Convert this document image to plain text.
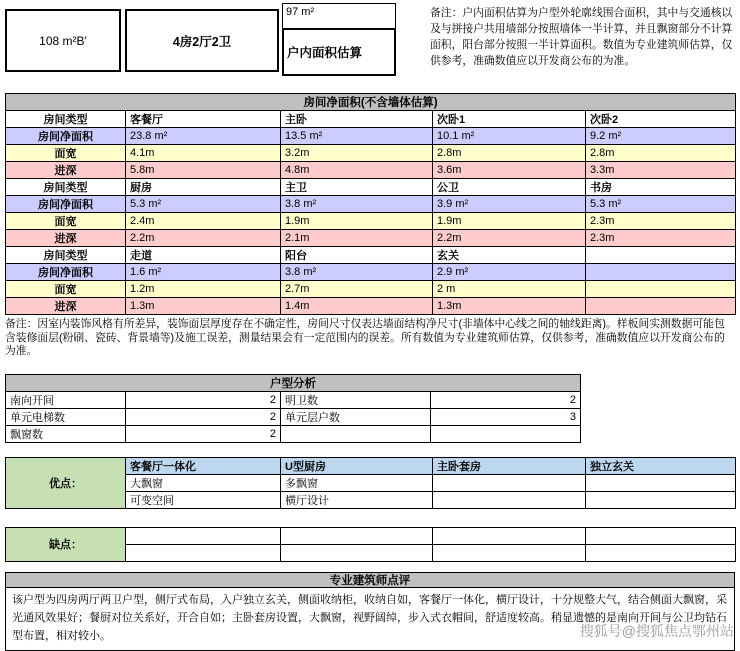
108 m²B'	4房2厅2卫
97 m²
户内面积估算
备注：户内面积估算为户型外轮廓线围合面积，其中与交通核以及与拼接户共用墙部分按照墙体一半计算，并且飘窗部分不计算面积，阳台部分按照一半计算面积。数值为专业建筑师估算，仅供参考，准确数值应以开发商公布的为准。
房间净面积(不含墙体估算)				
房间类型	客餐厅	主卧	次卧1	次卧2
房间净面积	23.8 m²	13.5 m²	10.1 m²	9.2 m²
面宽	4.1m	3.2m	2.8m	2.8m
进深	5.8m	4.8m	3.6m	3.3m
房间类型	厨房	主卫	公卫	书房
房间净面积	5.3 m²	3.8 m²	3.9 m²	5.3 m²
面宽	2.4m	1.9m	1.9m	2.3m
进深	2.2m	2.1m	2.2m	2.3m
房间类型	走道	阳台	玄关	
房间净面积	1.6 m²	3.8 m²	2.9 m²	
面宽	1.2m	2.7m	2 m	
进深	1.3m	1.4m	1.3m	
备注：因室内装饰风格有所差异，装饰面层厚度存在不确定性，房间尺寸仅表达墙面结构净尺寸(非墙体中心线之间的轴线距离)。样板间实测数据可能包含装修面层(粉刷、瓷砖、背景墙等)及施工误差，测量结果会有一定范围内的误差。所有数值为专业建筑师估算，仅供参考，准确数值应以开发商公布的为准。
户型分析			
南向开间	2	明卫数	2
单元电梯数	2	单元层户数	3
飘窗数	2		
优点：	客餐厅一体化	U型厨房	主卧套房	独立玄关
	大飘窗	多飘窗		
	可变空间	横厅设计		
缺点：				

专业建筑师点评
该户型为四房两厅两卫户型，侧厅式布局，入户独立玄关，侧面收纳柜，收纳自如，客餐厅一体化，横厅设计，十分规整大气，结合侧面大飘窗，采光通风效果好；餐厨对位关系好，开合自如；主卧套房设置，大飘窗，视野阔绰，步入式衣帽间，舒适度较高。稍显遗憾的是南向开间与公卫均钻石型布置，相对较小。	搜狐号@搜狐焦点鄂州站
